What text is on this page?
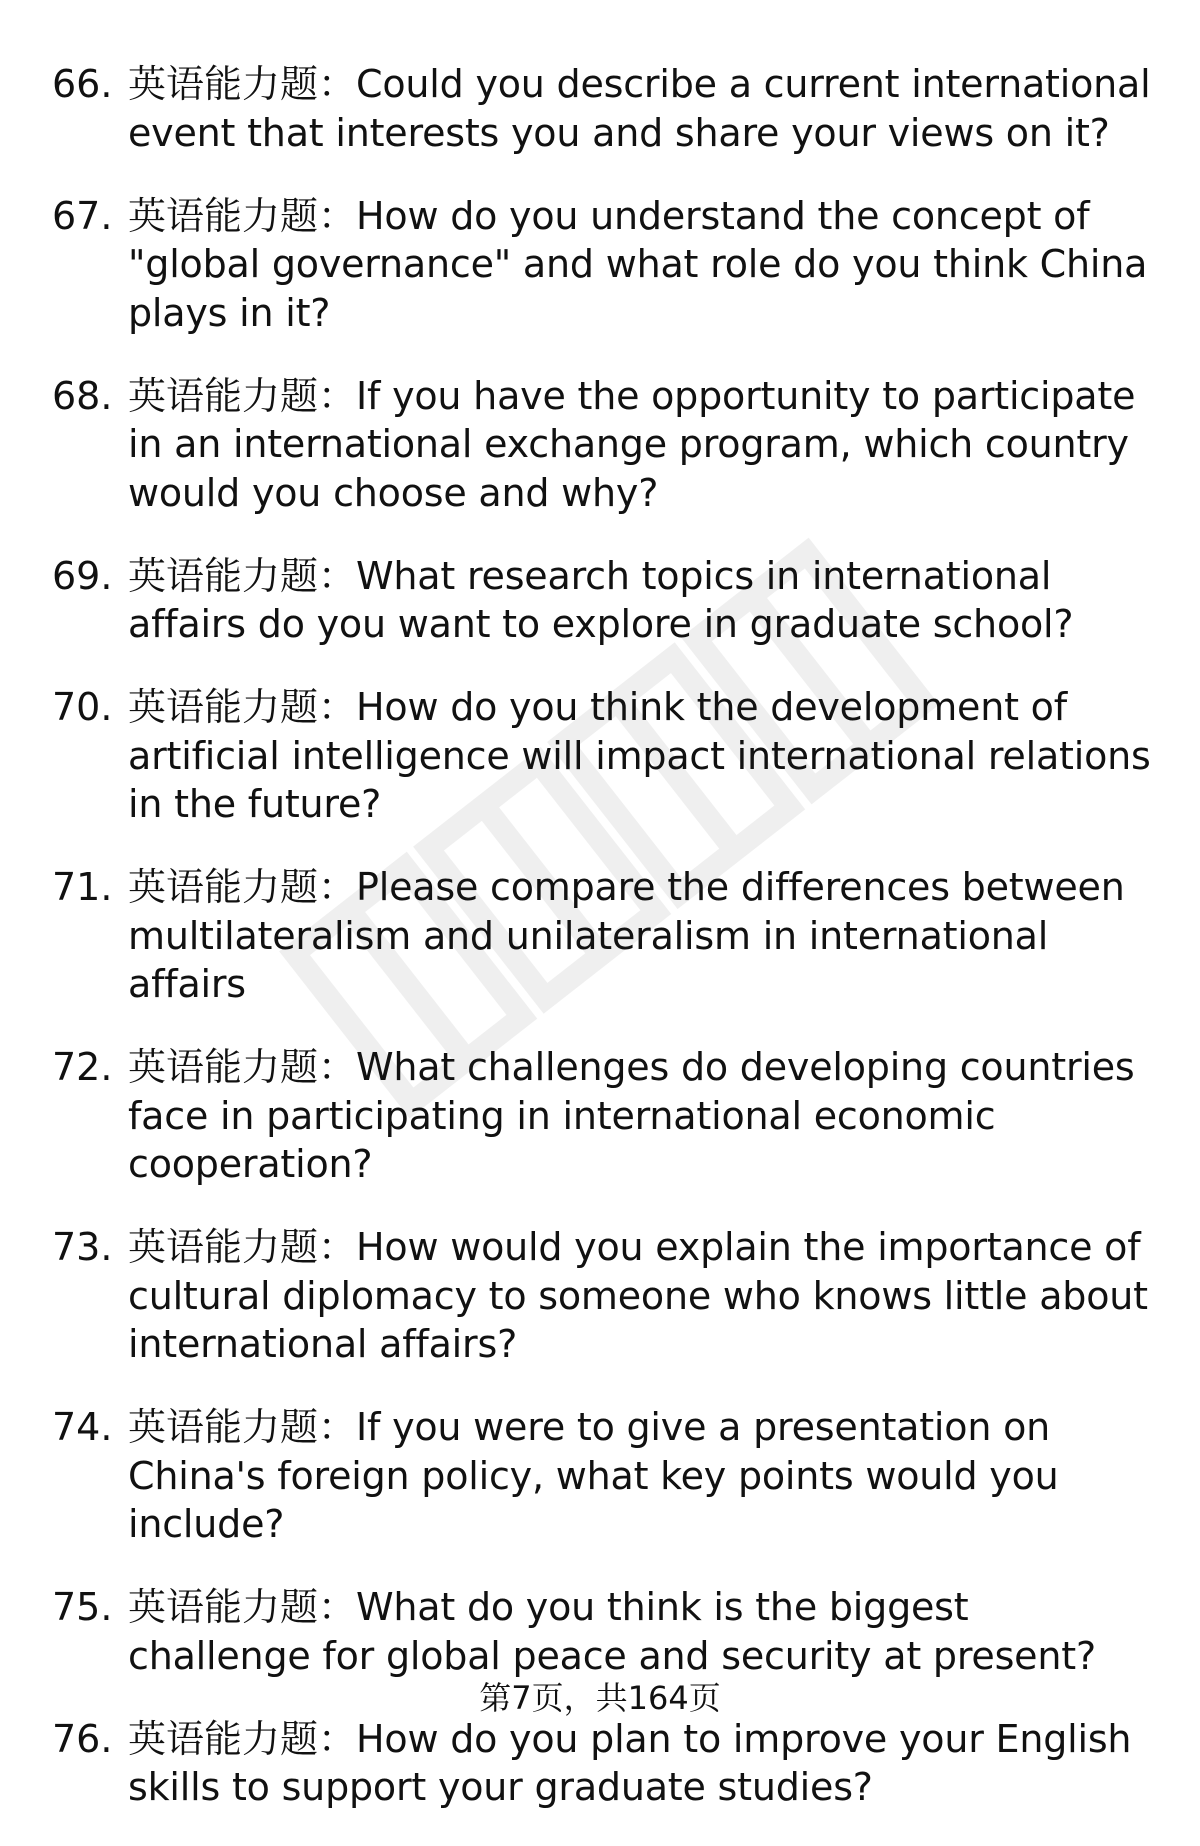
66. 英语能力题：Could you describe a current international event that interests you and share your views on it?
67. 英语能力题：How do you understand the concept of "global governance" and what role do you think China plays in it?
68. 英语能力题：If you have the opportunity to participate in an international exchange program, which country would you choose and why?
69. 英语能力题：What research topics in international affairs do you want to explore in graduate school?
70. 英语能力题：How do you think the development of artificial intelligence will impact international relations in the future?
71. 英语能力题：Please compare the differences between multilateralism and unilateralism in international affairs
72. 英语能力题：What challenges do developing countries face in participating in international economic cooperation?
73. 英语能力题：How would you explain the importance of cultural diplomacy to someone who knows little about international affairs?
74. 英语能力题：If you were to give a presentation on China's foreign policy, what key points would you include?
75. 英语能力题：What do you think is the biggest challenge for global peace and security at present?
76. 英语能力题：How do you plan to improve your English skills to support your graduate studies?
第7页，共164页
